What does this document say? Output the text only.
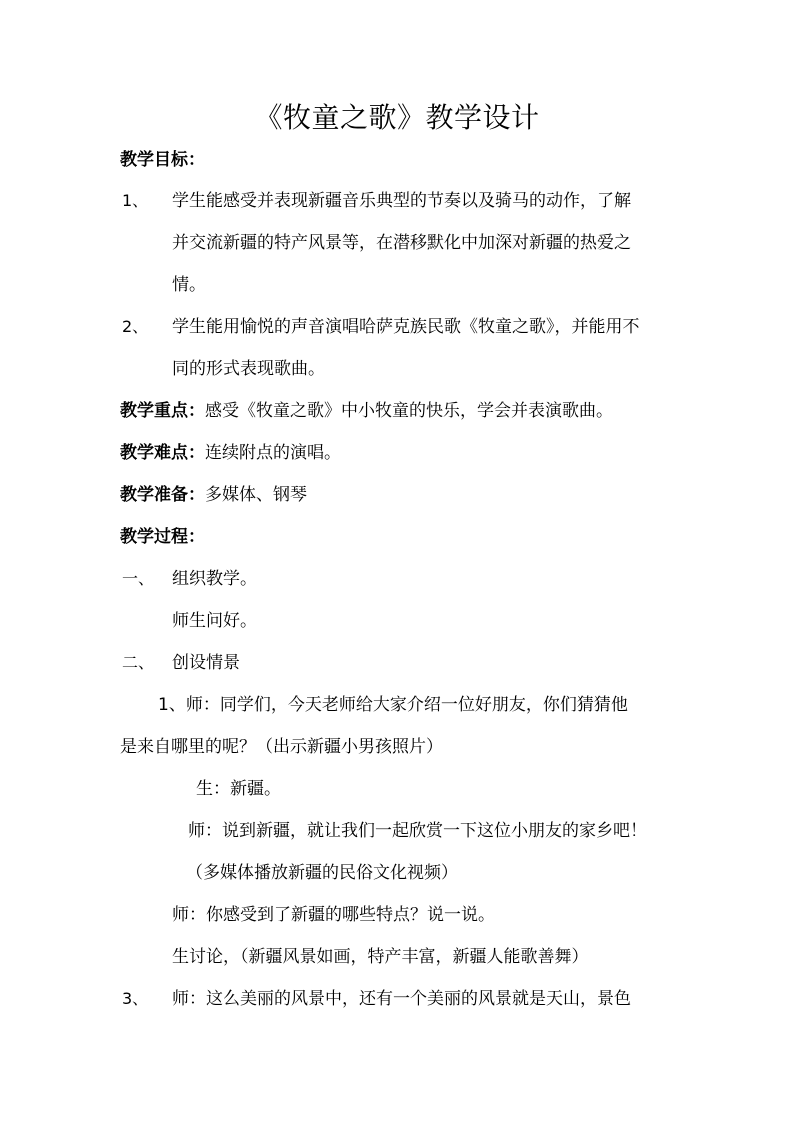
《牧童之歌》教学设计
教学目标：
1、 学生能感受并表现新疆音乐典型的节奏以及骑马的动作，了解
并交流新疆的特产风景等，在潜移默化中加深对新疆的热爱之
情。
2、 学生能用愉悦的声音演唱哈萨克族民歌《牧童之歌》，并能用不
同的形式表现歌曲。
教学重点：感受《牧童之歌》中小牧童的快乐，学会并表演歌曲。
教学难点：连续附点的演唱。
教学准备：多媒体、钢琴
教学过程：
一、 组织教学。
师生问好。
二、 创设情景
1、师：同学们，今天老师给大家介绍一位好朋友，你们猜猜他
是来自哪里的呢？（出示新疆小男孩照片）
生：新疆。
师：说到新疆，就让我们一起欣赏一下这位小朋友的家乡吧！
（多媒体播放新疆的民俗文化视频）
师：你感受到了新疆的哪些特点？说一说。
生讨论，（新疆风景如画，特产丰富，新疆人能歌善舞）
3、 师：这么美丽的风景中，还有一个美丽的风景就是天山，景色
